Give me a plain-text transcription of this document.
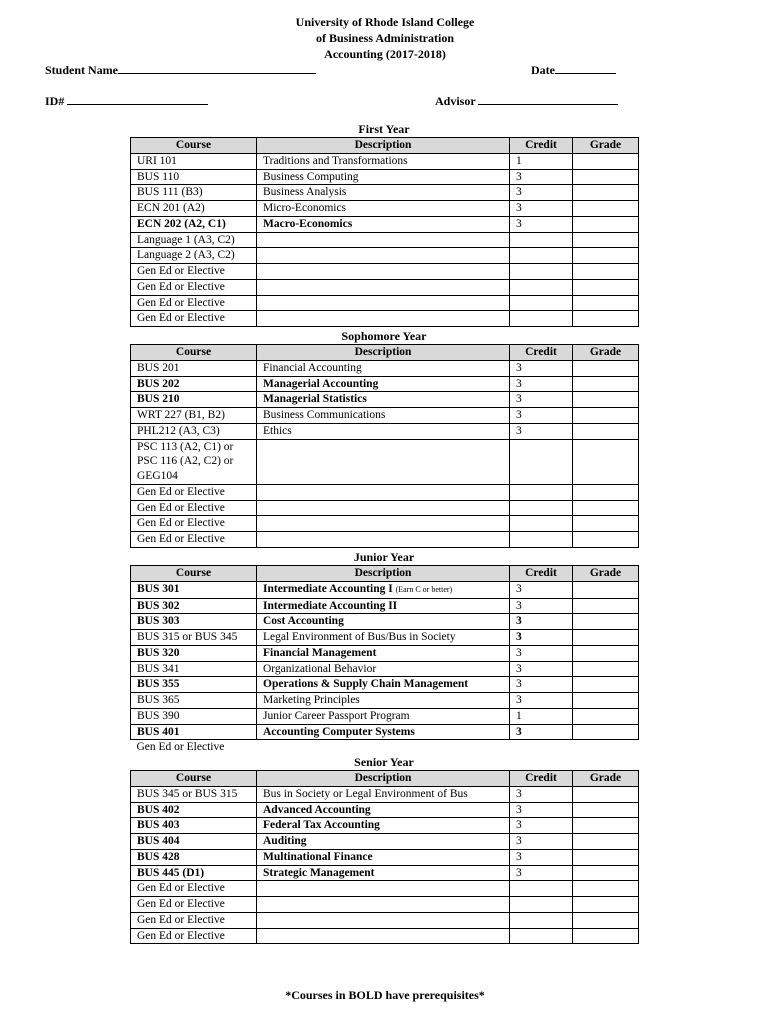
University of Rhode Island College
of Business Administration
Accounting (2017-2018)
Student Name	Date
ID#	Advisor
First Year
Course	Description	Credit	Grade
URI 101	Traditions and Transformations	1	
BUS 110	Business Computing	3	
BUS 111 (B3)	Business Analysis	3	
ECN 201 (A2)	Micro-Economics	3	
ECN 202 (A2, C1)	Macro-Economics	3	
Language 1 (A3, C2)			
Language 2 (A3, C2)			
Gen Ed or Elective			
Gen Ed or Elective			
Gen Ed or Elective			
Gen Ed or Elective			
Sophomore Year
Course	Description	Credit	Grade
BUS 201	Financial Accounting	3	
BUS 202	Managerial Accounting	3	
BUS 210	Managerial Statistics	3	
WRT 227 (B1, B2)	Business Communications	3	
PHL212 (A3, C3)	Ethics	3	
PSC 113 (A2, C1) or PSC 116 (A2, C2) or GEG104			
Gen Ed or Elective			
Gen Ed or Elective			
Gen Ed or Elective			
Gen Ed or Elective			
Junior Year
Course	Description	Credit	Grade
BUS 301	Intermediate Accounting I (Earn C or better)	3	
BUS 302	Intermediate Accounting II	3	
BUS 303	Cost Accounting	3	
BUS 315 or BUS 345	Legal Environment of Bus/Bus in Society	3	
BUS 320	Financial Management	3	
BUS 341	Organizational Behavior	3	
BUS 355	Operations & Supply Chain Management	3	
BUS 365	Marketing Principles	3	
BUS 390	Junior Career Passport Program	1	
BUS 401	Accounting Computer Systems	3	
Gen Ed or Elective			
Senior Year
Course	Description	Credit	Grade
BUS 345 or BUS 315	Bus in Society or Legal Environment of Bus	3	
BUS 402	Advanced Accounting	3	
BUS 403	Federal Tax Accounting	3	
BUS 404	Auditing	3	
BUS 428	Multinational Finance	3	
BUS 445 (D1)	Strategic Management	3	
Gen Ed or Elective			
Gen Ed or Elective			
Gen Ed or Elective			
Gen Ed or Elective			
*Courses in BOLD have prerequisites*
